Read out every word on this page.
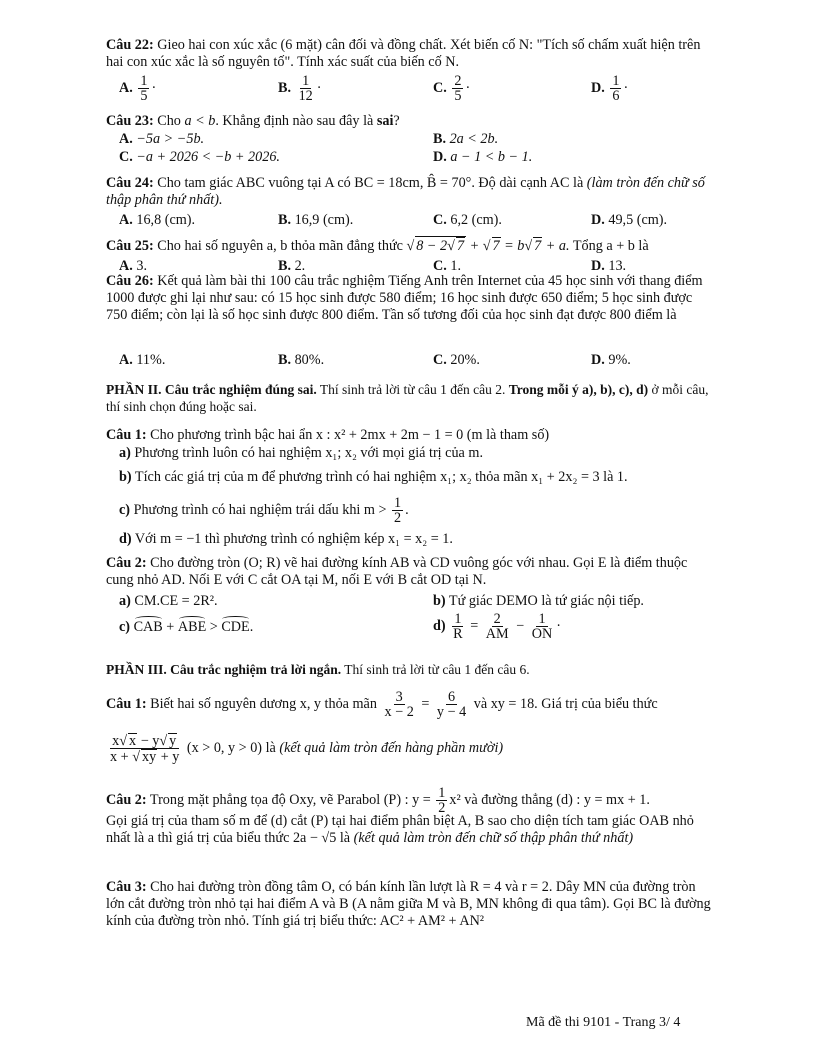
Câu 22: Gieo hai con xúc xắc (6 mặt) cân đối và đồng chất. Xét biến cố N: "Tích số chấm xuất hiện trên hai con xúc xắc là số nguyên tố". Tính xác suất của biến cố N.
A. $\frac{1}{5}$ ·	B. $\frac{1}{12}$ ·	C. $\frac{2}{5}$ ·	D. $\frac{1}{6}$ ·
Câu 23: Cho a < b. Khẳng định nào sau đây là sai?
A. −5a > −5b.	B. 2a < 2b.
C. −a + 2026 < −b + 2026.	D. a − 1 < b − 1.
Câu 24: Cho tam giác ABC vuông tại A có BC = 18cm, B̂ = 70°. Độ dài cạnh AC là (làm tròn đến chữ số thập phân thứ nhất).
A. 16,8 (cm).	B. 16,9 (cm).	C. 6,2 (cm).	D. 49,5 (cm).
Câu 25: Cho hai số nguyên a, b thỏa mãn đẳng thức √ 8 − 2√ 7 + √ 7 = b√ 7 + a. Tổng a + b là
A. 3.	B. 2.	C. 1.	D. 13.
Câu 26: Kết quả làm bài thi 100 câu trắc nghiệm Tiếng Anh trên Internet của 45 học sinh với thang điểm 1000 được ghi lại như sau: có 15 học sinh được 580 điểm; 16 học sinh được 650 điểm; 5 học sinh được 750 điểm; còn lại là số học sinh được 800 điểm. Tần số tương đối của học sinh đạt được 800 điểm là
A. 11%.	B. 80%.	C. 20%.	D. 9%.
PHẦN II. Câu trắc nghiệm đúng sai. Thí sinh trả lời từ câu 1 đến câu 2. Trong mỗi ý a), b), c), d) ở mỗi câu, thí sinh chọn đúng hoặc sai.
Câu 1: Cho phương trình bậc hai ẩn x : x² + 2mx + 2m − 1 = 0 (m là tham số)
a) Phương trình luôn có hai nghiệm x₁; x₂ với mọi giá trị của m.
b) Tích các giá trị của m để phương trình có hai nghiệm x₁; x₂ thỏa mãn x₁ + 2x₂ = 3 là 1.
c) Phương trình có hai nghiệm trái dấu khi $m > \frac{1}{2}$ .
d) Với m = −1 thì phương trình có nghiệm kép x₁ = x₂ = 1.
Câu 2: Cho đường tròn (O; R) vẽ hai đường kính AB và CD vuông góc với nhau. Gọi E là điểm thuộc cung nhỏ AD. Nối E với C cắt OA tại M, nối E với B cắt OD tại N.
a) CM.CE = 2R².	b) Tứ giác DEMO là tứ giác nội tiếp.
c) CAB + ABE > CDE.	$d) \frac{1}{R} = \frac{2}{AM} - \frac{1}{ON}$ ·
PHẦN III. Câu trắc nghiệm trả lời ngắn. Thí sinh trả lời từ câu 1 đến câu 6.
Câu 1: Biết hai số nguyên dương x, y thỏa mãn $\frac{3}{x - 2} = \frac{6}{y - 4}$ và xy = 18. Giá trị của biểu thức
$\frac{x√ x - y√ y}{x + √ xy + y} (x > 0$, y > 0) là (kết quả làm tròn đến hàng phần mười)
Câu 2: Trong mặt phẳng tọa độ Oxy, vẽ Parabol (P) : $y = \frac{1}{2} x^2$ và đường thẳng (d) : y = mx + 1.
Gọi giá trị của tham số m để (d) cắt (P) tại hai điểm phân biệt A, B sao cho diện tích tam giác OAB nhỏ nhất là a thì giá trị của biểu thức 2a − √5 là (kết quả làm tròn đến chữ số thập phân thứ nhất)
Câu 3: Cho hai đường tròn đồng tâm O, có bán kính lần lượt là R = 4 và r = 2. Dây MN của đường tròn lớn cắt đường tròn nhỏ tại hai điểm A và B (A nằm giữa M và B, MN không đi qua tâm). Gọi BC là đường kính của đường tròn nhỏ. Tính giá trị biểu thức: AC² + AM² + AN²
Mã đề thi 9101 - Trang 3/ 4
